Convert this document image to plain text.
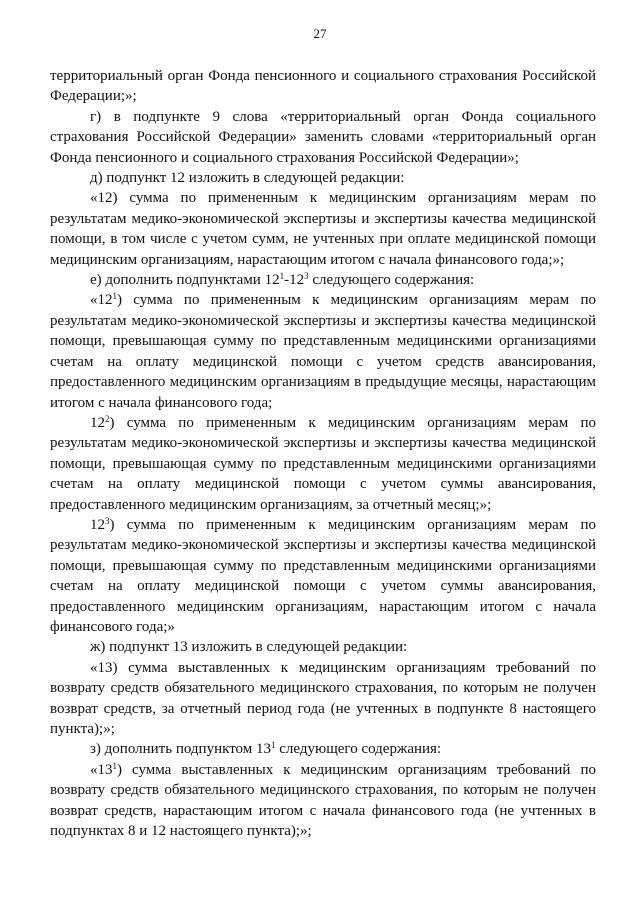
27

территориальный орган Фонда пенсионного и социального страхования Российской Федерации;»;

г) в подпункте 9 слова «территориальный орган Фонда социального страхования Российской Федерации» заменить словами «территориальный орган Фонда пенсионного и социального страхования Российской Федерации»;

д) подпункт 12 изложить в следующей редакции:

«12) сумма по примененным к медицинским организациям мерам по результатам медико-экономической экспертизы и экспертизы качества медицинской помощи, в том числе с учетом сумм, не учтенных при оплате медицинской помощи медицинским организациям, нарастающим итогом с начала финансового года;»;

е) дополнить подпунктами $12^1-12^3$ следующего содержания:

«$12^1$) сумма по примененным к медицинским организациям мерам по результатам медико-экономической экспертизы и экспертизы качества медицинской помощи, превышающая сумму по представленным медицинскими организациями счетам на оплату медицинской помощи с учетом средств авансирования, предоставленного медицинским организациям в предыдущие месяцы, нарастающим итогом с начала финансового года;

$12^2$) сумма по примененным к медицинским организациям мерам по результатам медико-экономической экспертизы и экспертизы качества медицинской помощи, превышающая сумму по представленным медицинскими организациями счетам на оплату медицинской помощи с учетом суммы авансирования, предоставленного медицинским организациям, за отчетный месяц;»;

$12^3$) сумма по примененным к медицинским организациям мерам по результатам медико-экономической экспертизы и экспертизы качества медицинской помощи, превышающая сумму по представленным медицинскими организациями счетам на оплату медицинской помощи с учетом суммы авансирования, предоставленного медицинским организациям, нарастающим итогом с начала финансового года;»

ж) подпункт 13 изложить в следующей редакции:

«13) сумма выставленных к медицинским организациям требований по возврату средств обязательного медицинского страхования, по которым не получен возврат средств, за отчетный период года (не учтенных в подпункте 8 настоящего пункта);»;

з) дополнить подпунктом $13^1$ следующего содержания:

«$13^1$) сумма выставленных к медицинским организациям требований по возврату средств обязательного медицинского страхования, по которым не получен возврат средств, нарастающим итогом с начала финансового года (не учтенных в подпунктах 8 и 12 настоящего пункта);»;
